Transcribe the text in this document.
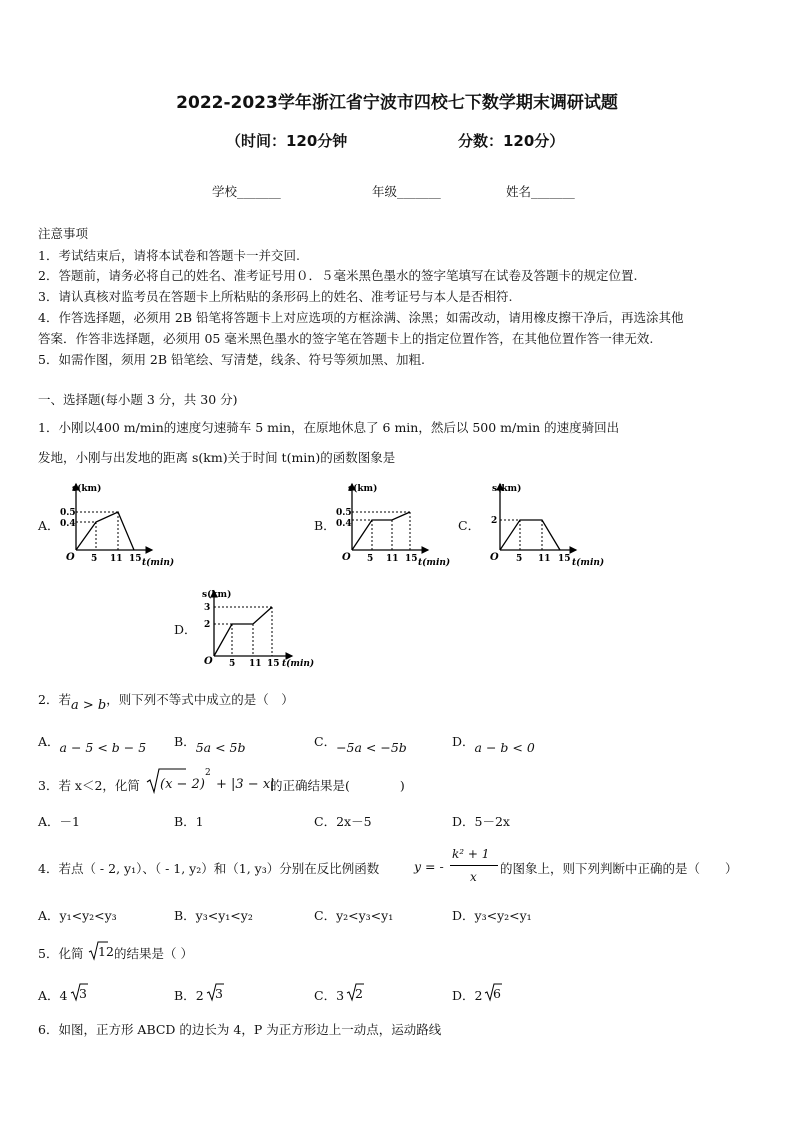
2022-2023学年浙江省宁波市四校七下数学期末调研试题
（时间：120分钟	分数：120分）
学校_______	年级_______	姓名_______
注意事项
1．考试结束后，请将本试卷和答题卡一并交回.
2．答题前，请务必将自己的姓名、准考证号用０．５毫米黑色墨水的签字笔填写在试卷及答题卡的规定位置.
3．请认真核对监考员在答题卡上所粘贴的条形码上的姓名、准考证号与本人是否相符.
4．作答选择题，必须用 2B 铅笔将答题卡上对应选项的方框涂满、涂黑；如需改动，请用橡皮擦干净后，再选涂其他
答案．作答非选择题，必须用 05 毫米黑色墨水的签字笔在答题卡上的指定位置作答，在其他位置作答一律无效.
5．如需作图，须用 2B 铅笔绘、写清楚，线条、符号等须加黑、加粗.
一、选择题(每小题 3 分，共 30 分)
1．小刚以400 m/min的速度匀速骑车 5 min，在原地休息了 6 min，然后以 500 m/min 的速度骑回出
发地，小刚与出发地的距离 s(km)关于时间 t(min)的函数图象是
A．
s(km)
t(min)
O
0.5
0.4
5 11 15
B．
s(km)
t(min)
O
0.5
0.4
5 11 15
C．
s(km)
t(min)
O
2
5 11 15
D．
s(km)
t(min)
O
3
2
5 11 15
2．若a > b，则下列不等式中成立的是（　）
A．a − 5 < b − 5 B．5a < 5b	C．−5a < −5b	D．a − b < 0
3．若 x＜2，化简 (x − 2)
2
+ |3 − x|
的正确结果是(　　　　)
A．－1	B．1	C．2x－5	D．5－2x
4．若点（ - 2, y₁）、（ - 1, y₂）和（1, y₃）分别在反比例函数	y = -
k² + 1
x
的图象上，则下列判断中正确的是（　　）
A．y₁<y₂<y₃	B．y₃<y₁<y₂	C．y₂<y₃<y₁	D．y₃<y₂<y₁
5．化简 12 的结果是（ ）
A．4 3	B．2 3	C．3 2	D．2 6
6．如图，正方形 ABCD 的边长为 4，P 为正方形边上一动点，运动路线
